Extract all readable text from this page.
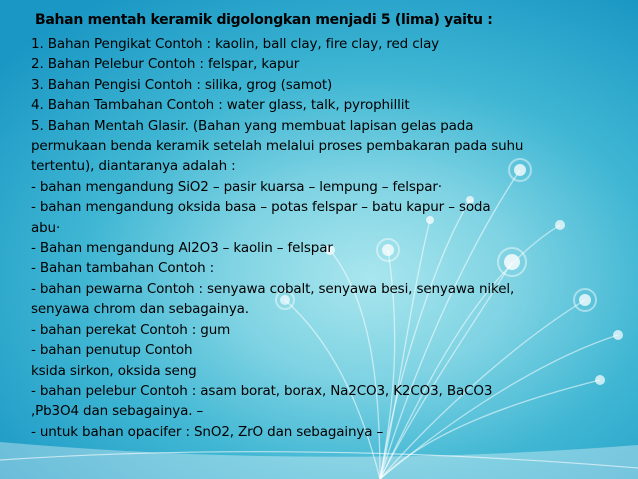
Bahan mentah keramik digolongkan menjadi 5 (lima) yaitu :
1. Bahan Pengikat Contoh : kaolin, ball clay, fire clay, red clay
2. Bahan Pelebur Contoh : felspar, kapur
3. Bahan Pengisi Contoh : silika, grog (samot)
4. Bahan Tambahan Contoh : water glass, talk, pyrophillit
5. Bahan Mentah Glasir. (Bahan yang membuat lapisan gelas pada
permukaan benda keramik setelah melalui proses pembakaran pada suhu
tertentu), diantaranya adalah :
- bahan mengandung SiO2 – pasir kuarsa – lempung – felspar·
- bahan mengandung oksida basa – potas felspar – batu kapur – soda
abu·
- Bahan mengandung Al2O3 – kaolin – felspar
- Bahan tambahan Contoh :
- bahan pewarna Contoh : senyawa cobalt, senyawa besi, senyawa nikel,
senyawa chrom dan sebagainya.
- bahan perekat Contoh : gum
- bahan penutup Contoh
ksida sirkon, oksida seng
- bahan pelebur Contoh : asam borat, borax, Na2CO3, K2CO3, BaCO3
,Pb3O4 dan sebagainya. –
- untuk bahan opacifer : SnO2, ZrO dan sebagainya –
